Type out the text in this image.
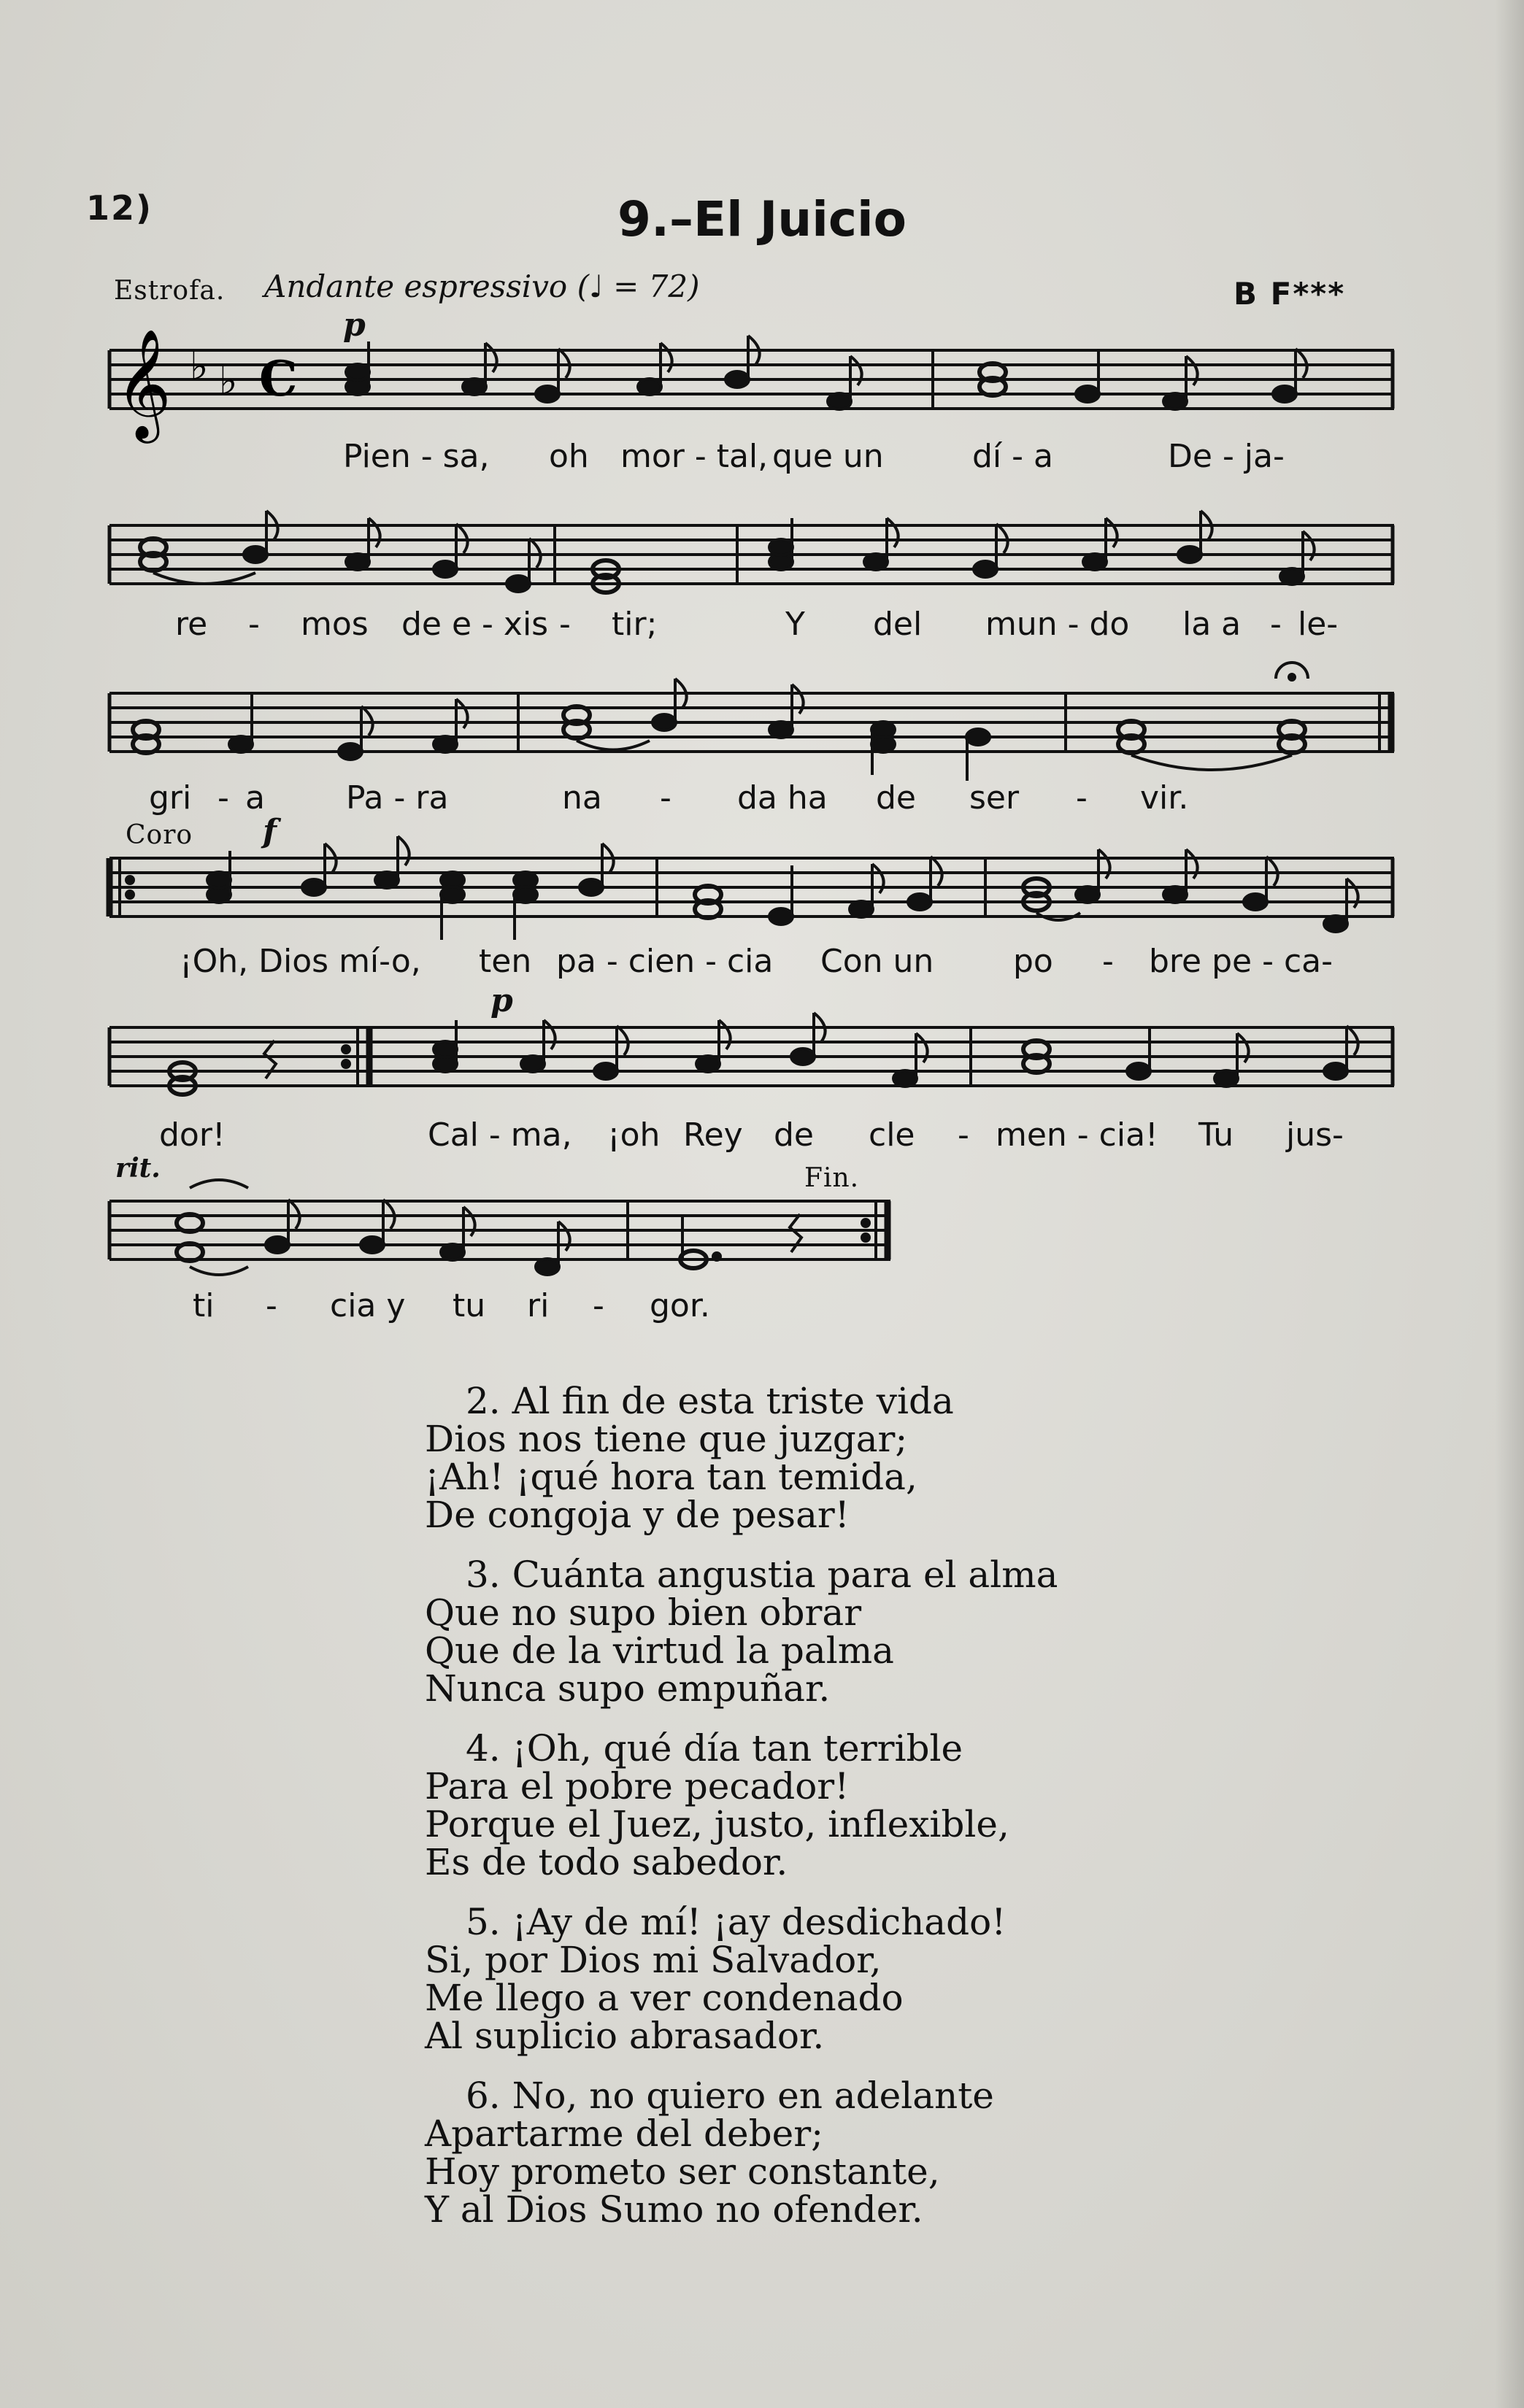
12)	9.–El Juicio
Estrofa. Andante espressivo (♩ = 72)	B F***
p
𝄞 ♭ ♭ C
Pien - sa, oh mor - tal, que un	dí - a	De - ja-
re - mos de e - xis - tir;	Y del mun - do la a - le-
gri - a	Pa - ra	na - da ha de ser - vir.
Coro f
¡Oh, Dios mí-o, ten pa - cien - cia Con un po - bre pe - ca-
p
dor!	Cal - ma, ¡oh Rey de cle - men - cia! Tu jus-
rit.	Fin.
ti - cia y tu ri - gor.
2. Al fin de esta triste vida
Dios nos tiene que juzgar;
¡Ah! ¡qué hora tan temida,
De congoja y de pesar!
3. Cuánta angustia para el alma
Que no supo bien obrar
Que de la virtud la palma
Nunca supo empuñar.
4. ¡Oh, qué día tan terrible
Para el pobre pecador!
Porque el Juez, justo, inflexible,
Es de todo sabedor.
5. ¡Ay de mí! ¡ay desdichado!
Si, por Dios mi Salvador,
Me llego a ver condenado
Al suplicio abrasador.
6. No, no quiero en adelante
Apartarme del deber;
Hoy prometo ser constante,
Y al Dios Sumo no ofender.
